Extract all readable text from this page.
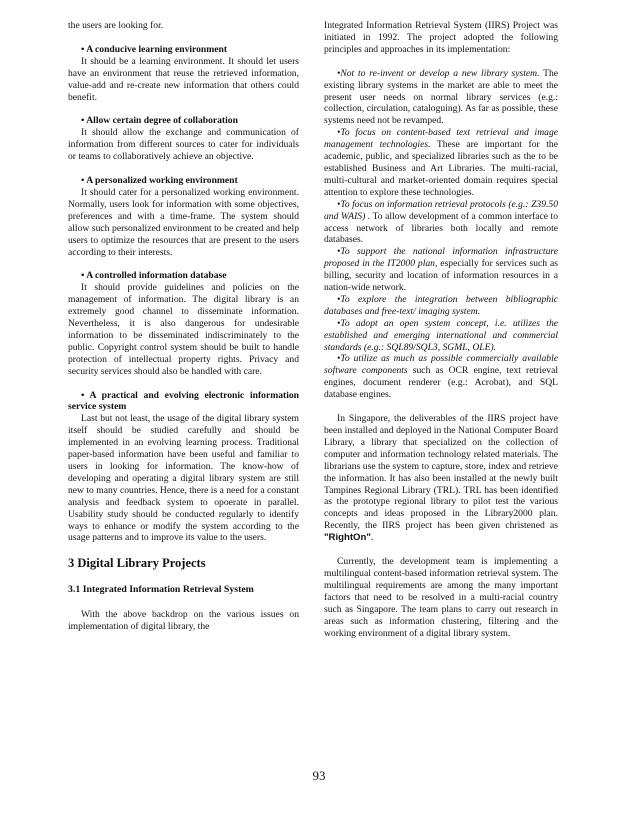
the users are looking for.

• A conducive learning environment

It should be a learning environment. It should let users have an environment that reuse the retrieved information, value-add and re-create new information that others could benefit.

• Allow certain degree of collaboration

It should allow the exchange and communication of information from different sources to cater for individuals or teams to collaboratively achieve an objective.

• A personalized working environment

It should cater for a personalized working environment. Normally, users look for information with some objectives, preferences and with a time-frame. The system should allow such personalized environment to be created and help users to optimize the resources that are present to the users according to their interests.

• A controlled information database

It should provide guidelines and policies on the management of information. The digital library is an extremely good channel to disseminate information. Nevertheless, it is also dangerous for undesirable information to be disseminated indiscriminately to the public. Copyright control system should be built to handle protection of intellectual property rights. Privacy and security services should also be handled with care.

• A practical and evolving electronic information service system

Last but not least, the usage of the digital library system itself should be studied carefully and should be implemented in an evolving learning process. Traditional paper-based information have been useful and familiar to users in looking for information. The know-how of developing and operating a digital library system are still new to many countries. Hence, there is a need for a constant analysis and feedback system to opoerate in parallel. Usability study should be conducted regularly to identify ways to enhance or modify the system according to the usage patterns and to improve its value to the users.

3 Digital Library Projects
3.1 Integrated Information Retrieval System

With the above backdrop on the various issues on implementation of digital library, the

Integrated Information Retrieval System (IIRS) Project was initiated in 1992. The project adopted the following principles and approaches in its implementation:

•Not to re-invent or develop a new library system. The existing library systems in the market are able to meet the present user needs on normal library services (e.g.: collection, circulation, cataloguing). As far as possible, these systems need not be revamped.

•To focus on content-based text retrieval and image management technologies. These are important for the academic, public, and specialized libraries such as the to be established Business and Art Libraries. The multi-racial, multi-cultural and market-oriented domain requires special attention to explore these technologies.

•To focus on information retrieval protocols (e.g.: Z39.50 and WAIS) . To allow development of a common interface to access network of libraries both locally and remote databases.

•To support the national information infrastructure proposed in the IT2000 plan, especially for services such as billing, security and location of information resources in a nation-wide network.

•To explore the integration between bibliographic databases and free-text/ imaging system.

•To adopt an open system concept, i.e. utilizes the established and emerging international and commercial standards (e.g.: SQL89/SQL3, SGML, OLE).

•To utilize as much as possible commercially available software components such as OCR engine, text retrieval engines, document renderer (e.g.: Acrobat), and SQL database engines.

In Singapore, the deliverables of the IIRS project have been installed and deployed in the National Computer Board Library, a library that specialized on the collection of computer and information technology related materials. The librarians use the system to capture, store, index and retrieve the information. It has also been installed at the newly built Tampines Regional Library (TRL). TRL has been identified as the prototype regional library to pilot test the various concepts and ideas proposed in the Library2000 plan. Recently, the IIRS project has been given christened as "RightOn".

Currently, the development team is implementing a multilingual content-based information retrieval system. The multilingual requirements are among the many important factors that need to be resolved in a multi-racial country such as Singapore. The team plans to carry out research in areas such as information clustering, filtering and the working environment of a digital library system.

93
